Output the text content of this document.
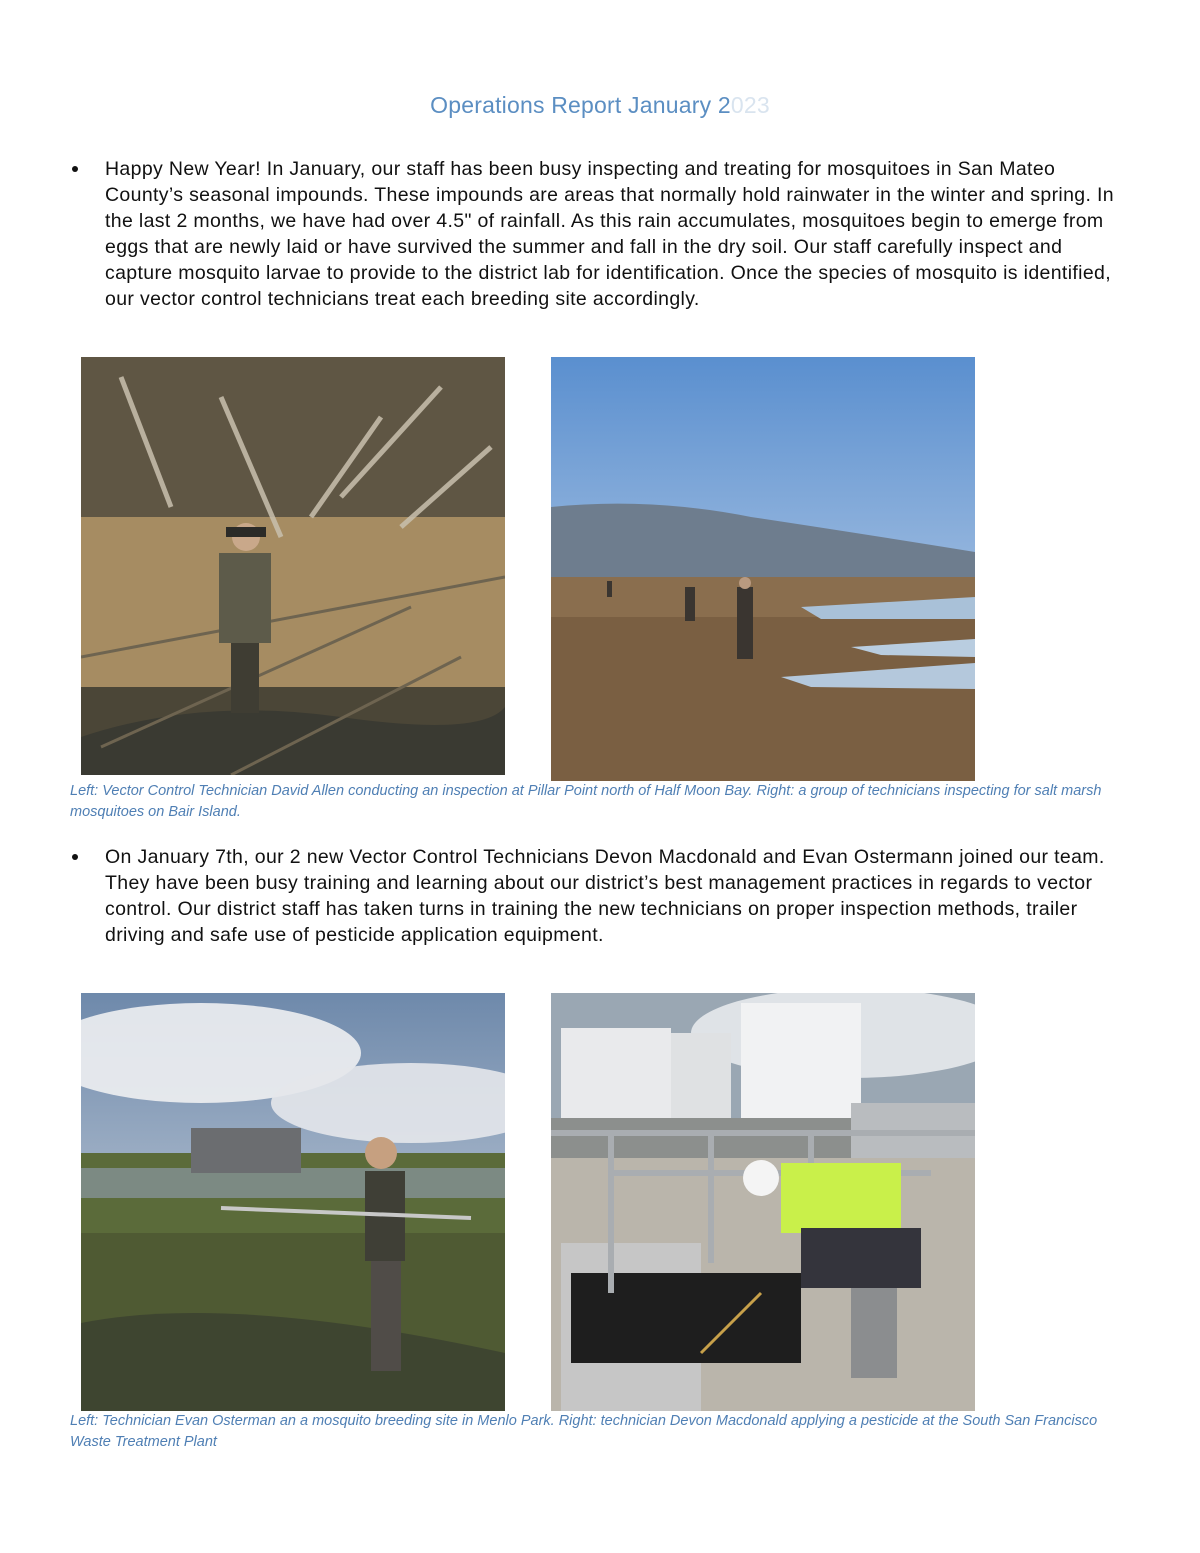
Operations Report January 2023
Happy New Year! In January, our staff has been busy inspecting and treating for mosquitoes in San Mateo County’s seasonal impounds. These impounds are areas that normally hold rainwater in the winter and spring. In the last 2 months, we have had over 4.5" of rainfall. As this rain accumulates, mosquitoes begin to emerge from eggs that are newly laid or have survived the summer and fall in the dry soil. Our staff carefully inspect and capture mosquito larvae to provide to the district lab for identification. Once the species of mosquito is identified, our vector control technicians treat each breeding site accordingly.
Left: Vector Control Technician David Allen conducting an inspection at Pillar Point north of Half Moon Bay. Right: a group of technicians inspecting for salt marsh mosquitoes on Bair Island.
On January 7th, our 2 new Vector Control Technicians Devon Macdonald and Evan Ostermann joined our team. They have been busy training and learning about our district’s best management practices in regards to vector control. Our district staff has taken turns in training the new technicians on proper inspection methods, trailer driving and safe use of pesticide application equipment.
Left: Technician Evan Osterman an a mosquito breeding site in Menlo Park. Right: technician Devon Macdonald applying a pesticide at the South San Francisco Waste Treatment Plant
